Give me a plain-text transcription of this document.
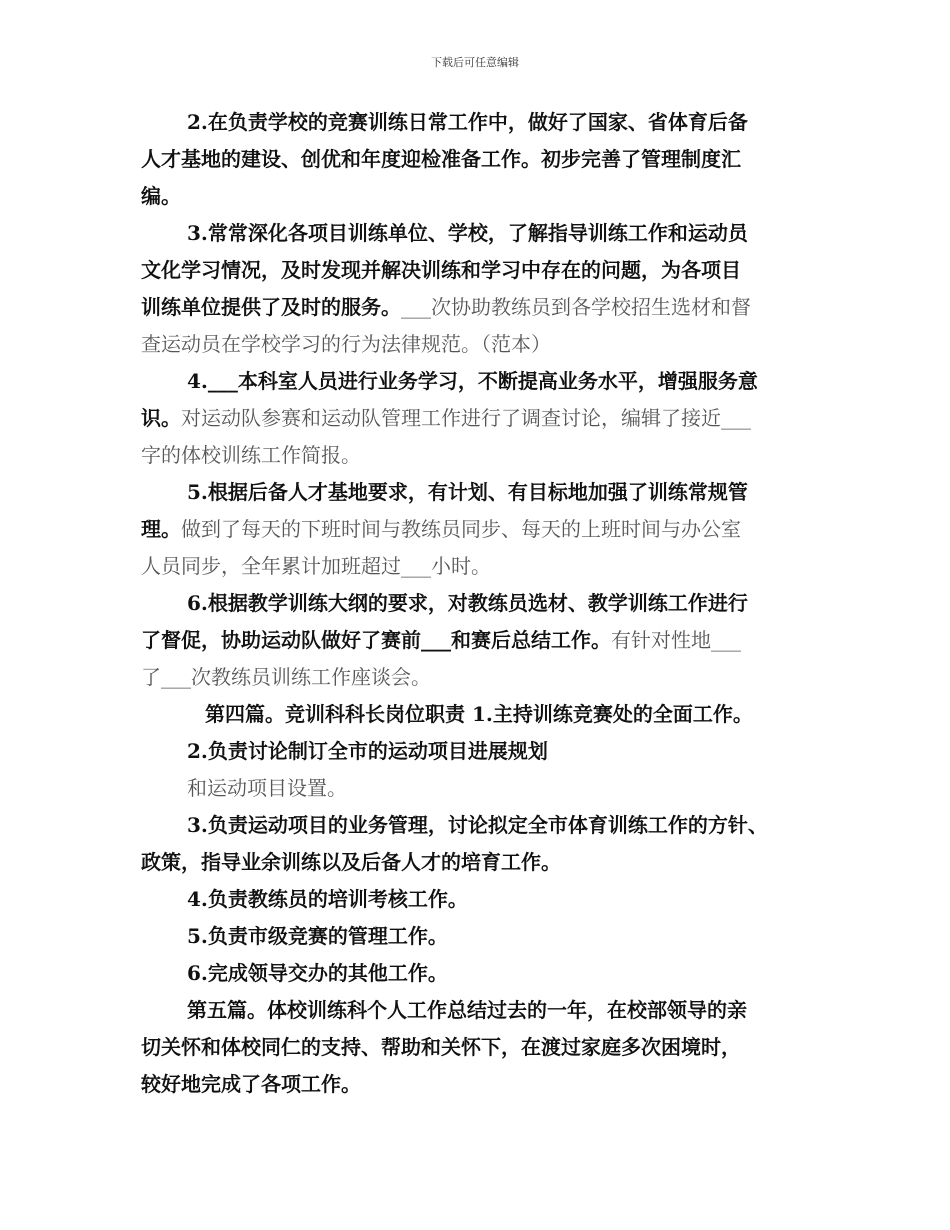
下载后可任意编辑
2.在负责学校的竞赛训练日常工作中，做好了国家、省体育后备
人才基地的建设、创优和年度迎检准备工作。初步完善了管理制度汇
编。
3.常常深化各项目训练单位、学校，了解指导训练工作和运动员
文化学习情况，及时发现并解决训练和学习中存在的问题，为各项目
训练单位提供了及时的服务。___次协助教练员到各学校招生选材和督
查运动员在学校学习的行为法律规范。（范本）
4.___本科室人员进行业务学习，不断提高业务水平，增强服务意
识。对运动队参赛和运动队管理工作进行了调查讨论，编辑了接近___
字的体校训练工作简报。
5.根据后备人才基地要求，有计划、有目标地加强了训练常规管
理。做到了每天的下班时间与教练员同步、每天的上班时间与办公室
人员同步，全年累计加班超过___小时。
6.根据教学训练大纲的要求，对教练员选材、教学训练工作进行
了督促，协助运动队做好了赛前___和赛后总结工作。有针对性地___
了___次教练员训练工作座谈会。
第四篇。竞训科科长岗位职责 1.主持训练竞赛处的全面工作。
2.负责讨论制订全市的运动项目进展规划
和运动项目设置。
3.负责运动项目的业务管理，讨论拟定全市体育训练工作的方针、
政策，指导业余训练以及后备人才的培育工作。
4.负责教练员的培训考核工作。
5.负责市级竞赛的管理工作。
6.完成领导交办的其他工作。
第五篇。体校训练科个人工作总结过去的一年，在校部领导的亲
切关怀和体校同仁的支持、帮助和关怀下，在渡过家庭多次困境时，
较好地完成了各项工作。
